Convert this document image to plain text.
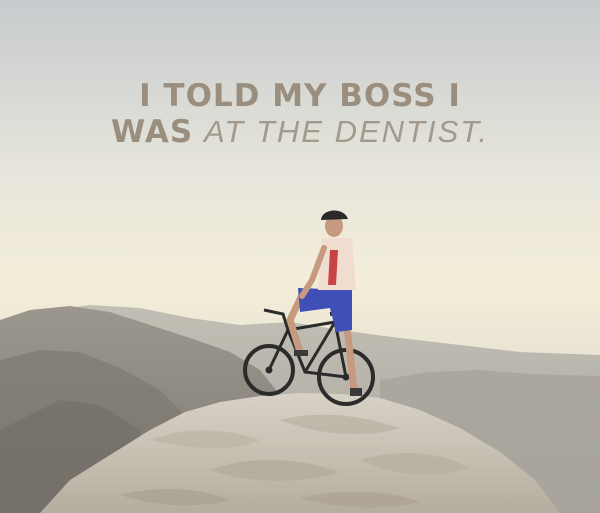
I TOLD MY BOSS I
WAS AT THE DENTIST.
